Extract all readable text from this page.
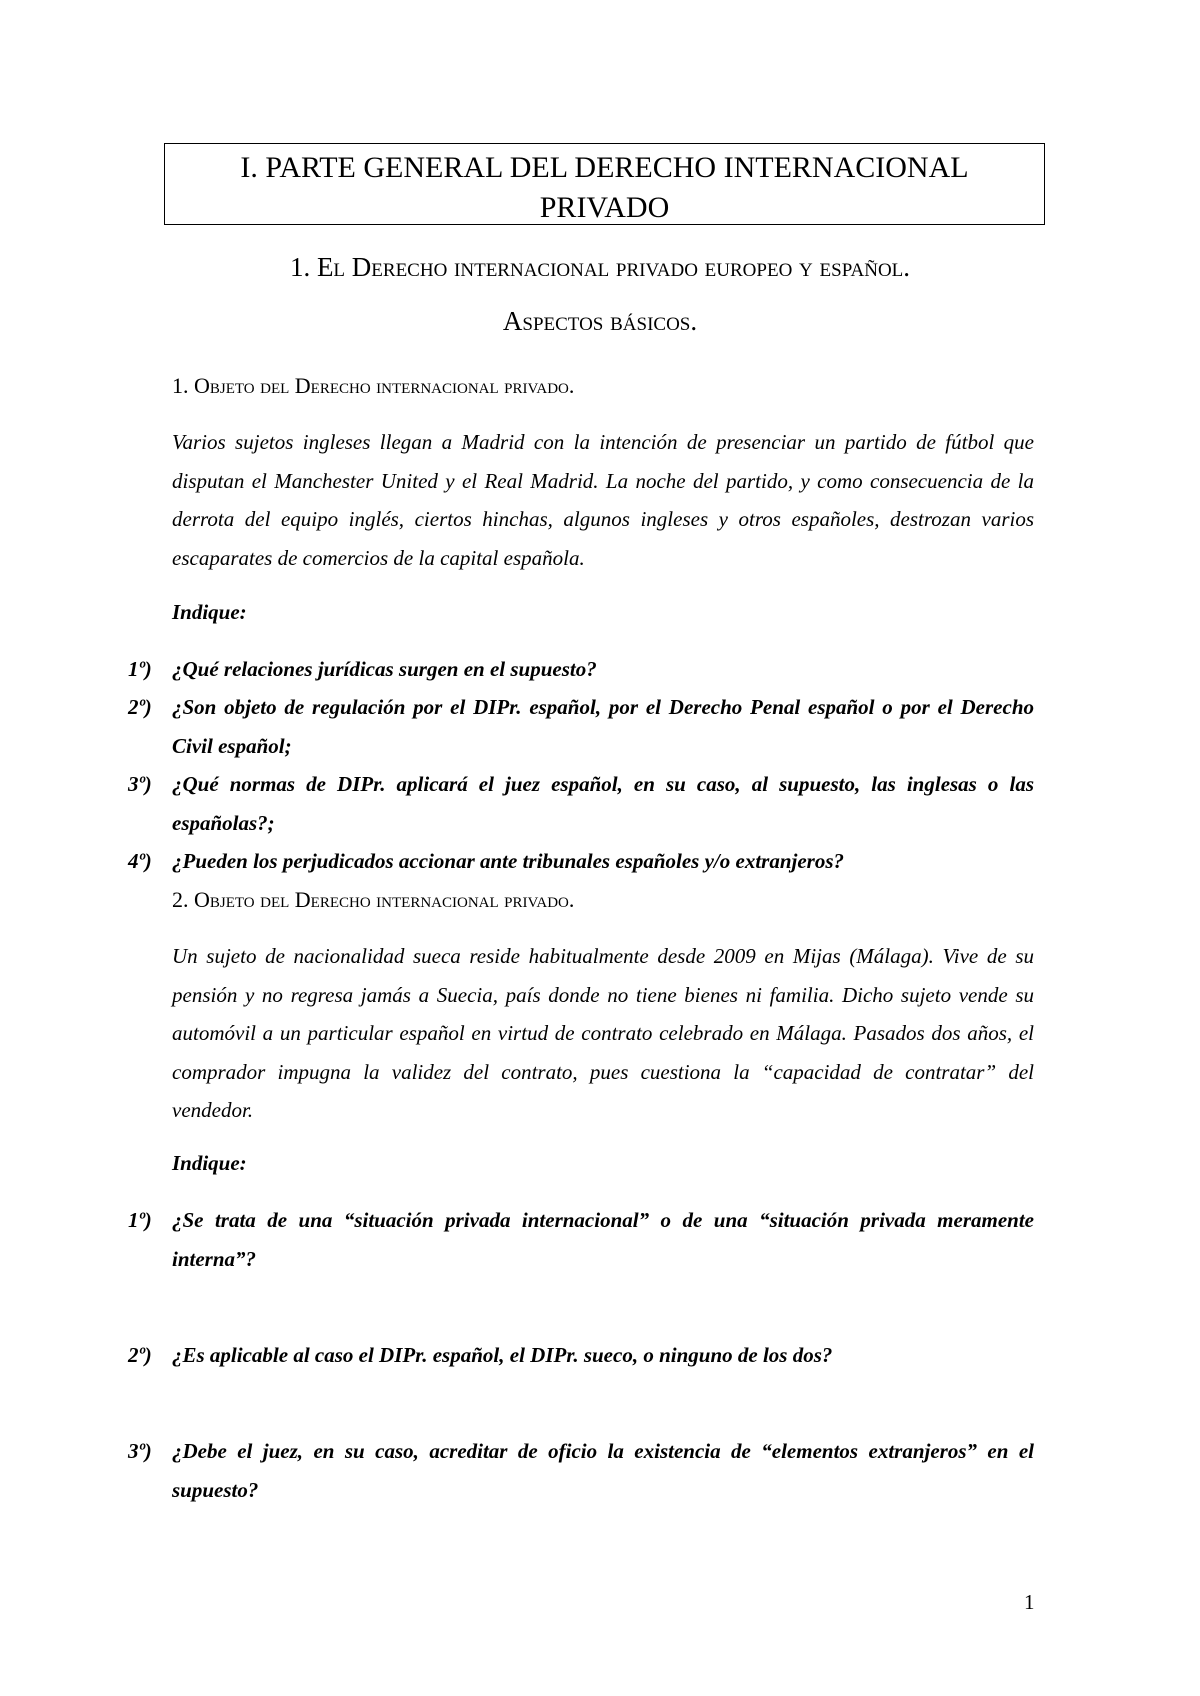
I. PARTE GENERAL DEL DERECHO INTERNACIONAL
PRIVADO
1. El Derecho internacional privado europeo y español.
Aspectos básicos.
1. Objeto del Derecho internacional privado.
Varios sujetos ingleses llegan a Madrid con la intención de presenciar un partido de fútbol que disputan el Manchester United y el Real Madrid. La noche del partido, y como consecuencia de la derrota del equipo inglés, ciertos hinchas, algunos ingleses y otros españoles, destrozan varios escaparates de comercios de la capital española.
Indique:
1º) ¿Qué relaciones jurídicas surgen en el supuesto?
2º) ¿Son objeto de regulación por el DIPr. español, por el Derecho Penal español o por el Derecho Civil español;
3º) ¿Qué normas de DIPr. aplicará el juez español, en su caso, al supuesto, las inglesas o las españolas?;
4º) ¿Pueden los perjudicados accionar ante tribunales españoles y/o extranjeros?
2. Objeto del Derecho internacional privado.
Un sujeto de nacionalidad sueca reside habitualmente desde 2009 en Mijas (Málaga). Vive de su pensión y no regresa jamás a Suecia, país donde no tiene bienes ni familia. Dicho sujeto vende su automóvil a un particular español en virtud de contrato celebrado en Málaga. Pasados dos años, el comprador impugna la validez del contrato, pues cuestiona la “capacidad de contratar” del vendedor.
Indique:
1º) ¿Se trata de una “situación privada internacional” o de una “situación privada meramente interna”?
2º) ¿Es aplicable al caso el DIPr. español, el DIPr. sueco, o ninguno de los dos?
3º) ¿Debe el juez, en su caso, acreditar de oficio la existencia de “elementos extranjeros” en el supuesto?
1
